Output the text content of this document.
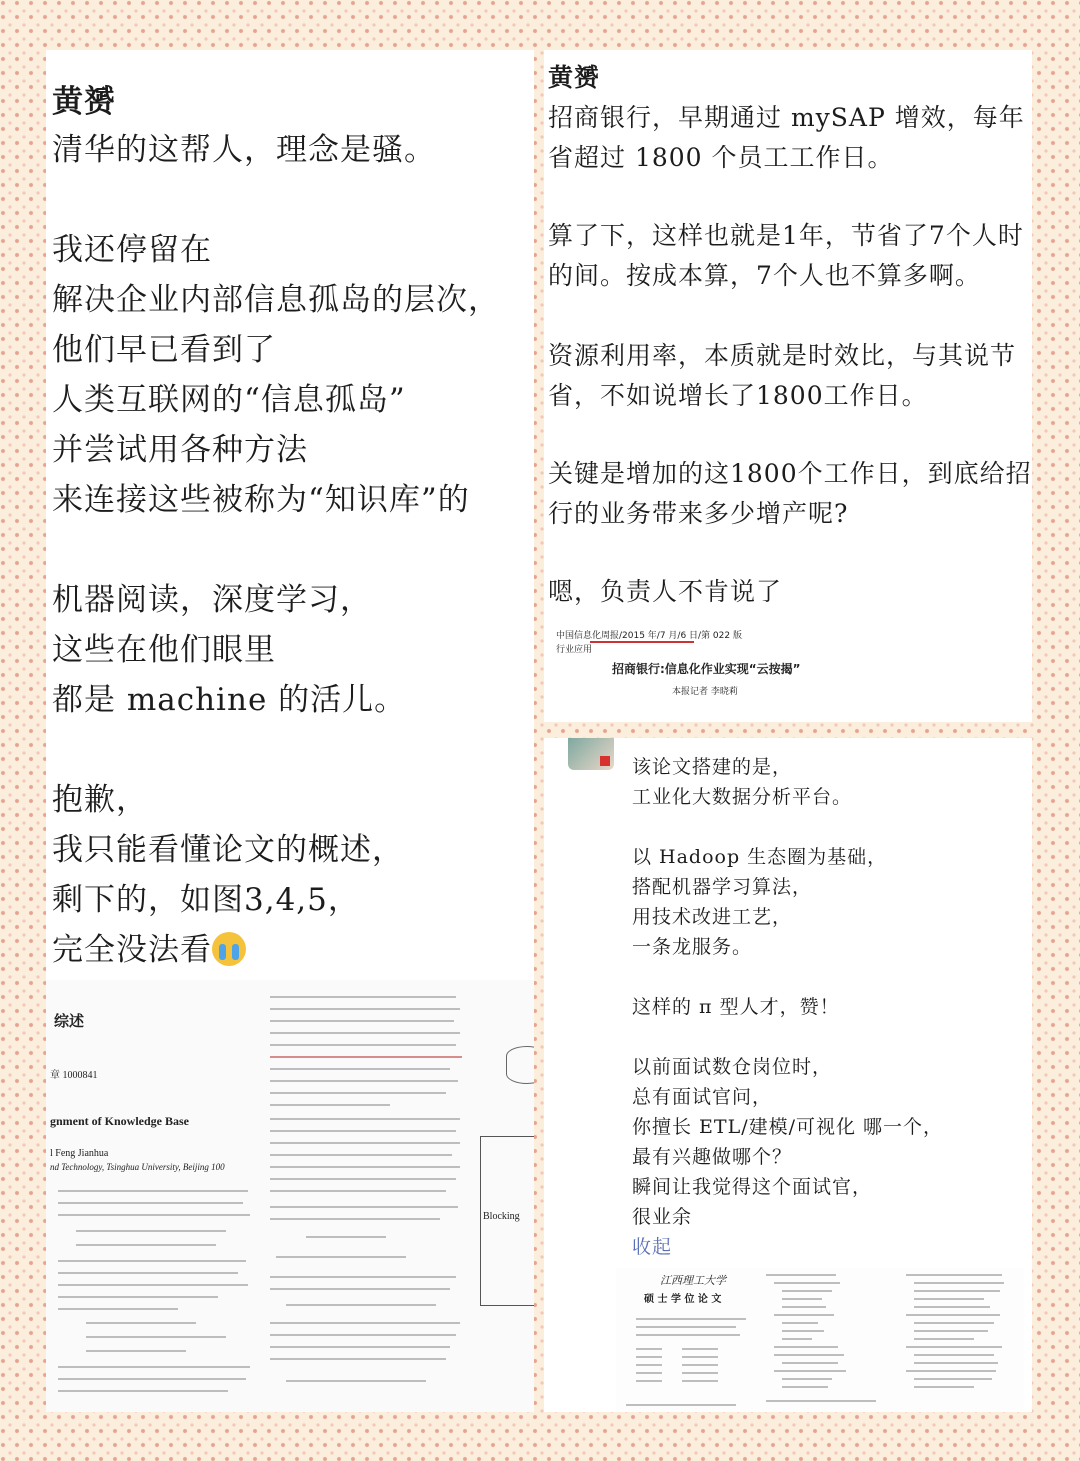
黄赟
清华的这帮人，理念是骚。
我还停留在
解决企业内部信息孤岛的层次，
他们早已看到了
人类互联网的“信息孤岛”
并尝试用各种方法
来连接这些被称为“知识库”的
机器阅读，深度学习，
这些在他们眼里
都是 machine 的活儿。
抱歉，
我只能看懂论文的概述，
剩下的，如图3,4,5，
完全没法看
综述
章 1000841
gnment of Knowledge Base
l Feng Jianhua
nd Technology, Tsinghua University, Beijing 100
Blocking
黄赟
招商银行，早期通过 mySAP 增效，每年
省超过 1800 个员工工作日。
算了下，这样也就是1年，节省了7个人时
的间。按成本算，7个人也不算多啊。
资源利用率，本质就是时效比，与其说节
省，不如说增长了1800工作日。
关键是增加的这1800个工作日，到底给招
行的业务带来多少增产呢?
嗯，负责人不肯说了
中国信息化周报/2015 年/7 月/6 日/第 022 版
行业应用
招商银行:信息化作业实现“云按揭”
本报记者 李晓莉
该论文搭建的是，
工业化大数据分析平台。
以 Hadoop 生态圈为基础，
搭配机器学习算法，
用技术改进工艺，
一条龙服务。
这样的 π 型人才，赞！
以前面试数仓岗位时，
总有面试官问，
你擅长 ETL/建模/可视化 哪一个，
最有兴趣做哪个？
瞬间让我觉得这个面试官，
很业余
收起
江西理工大学
硕 士 学 位 论 文
